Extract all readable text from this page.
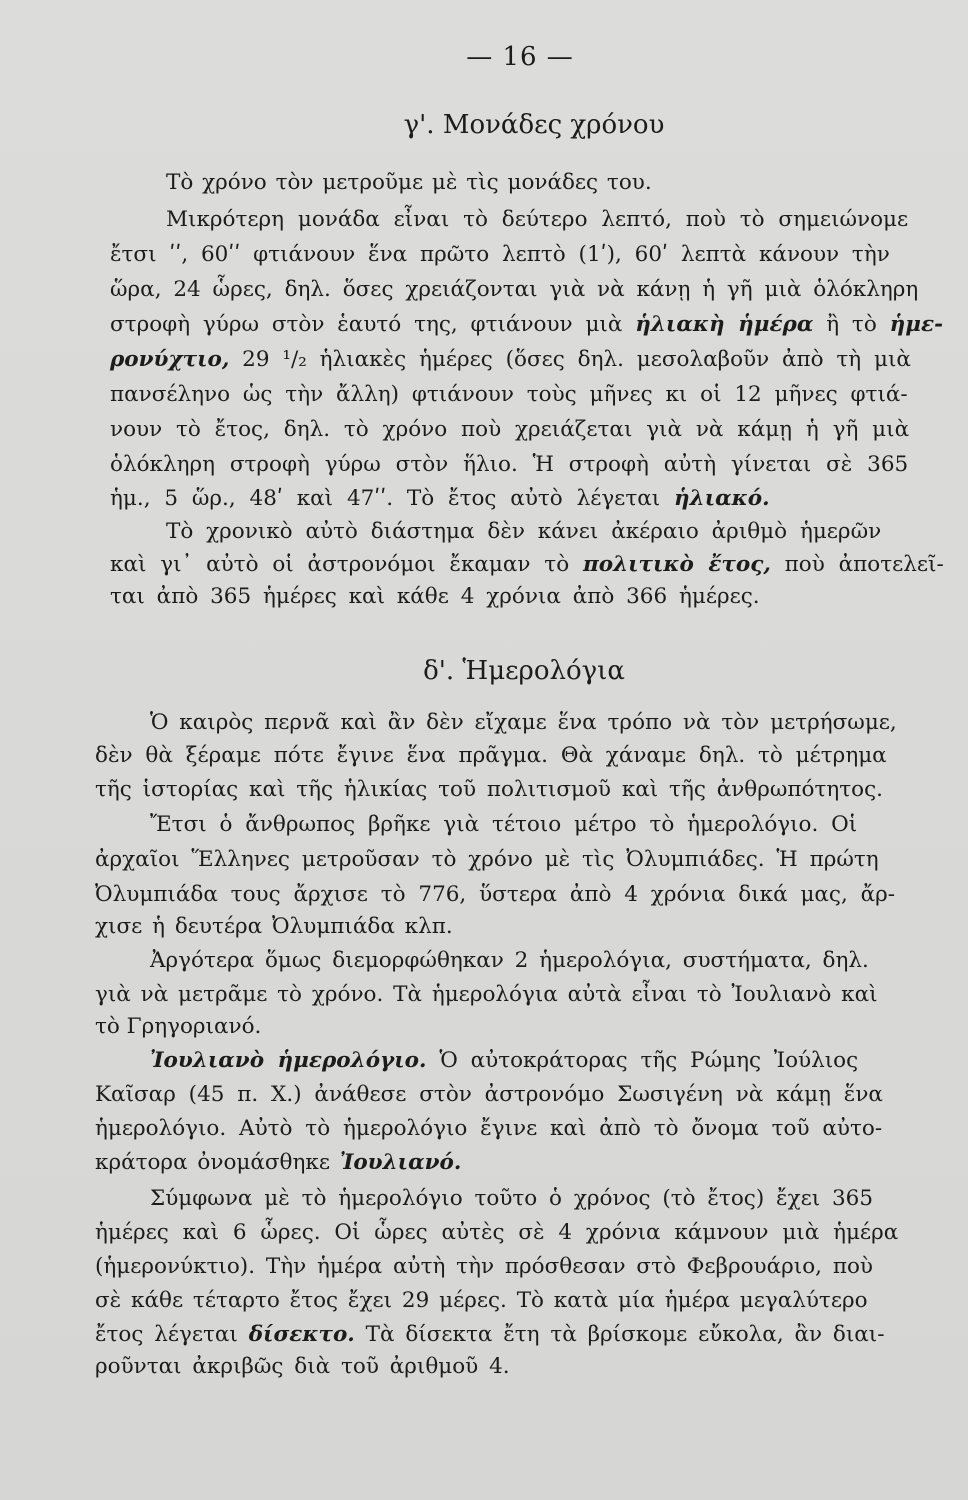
— 16 —
γ'. Μονάδες χρόνου
Τὸ χρόνο τὸν μετροῦμε μὲ τὶς μονάδες του.
Μικρότερη μονάδα εἶναι τὸ δεύτερο λεπτό, ποὺ τὸ σημειώνομε
ἔτσι ʹʹ, 60ʹʹ φτιάνουν ἕνα πρῶτο λεπτὸ (1ʹ), 60ʹ λεπτὰ κάνουν τὴν
ὥρα, 24 ὧρες, δηλ. ὅσες χρειάζονται γιὰ νὰ κάνῃ ἡ γῆ μιὰ ὁλόκληρη
στροφὴ γύρω στὸν ἑαυτό της, φτιάνουν μιὰ ἡλιακὴ ἡμέρα ἢ τὸ ἡμε-
ρονύχτιο, 29 ¹/₂ ἡλιακὲς ἡμέρες (ὅσες δηλ. μεσολαβοῦν ἀπὸ τὴ μιὰ
πανσέληνο ὡς τὴν ἄλλη) φτιάνουν τοὺς μῆνες κι οἱ 12 μῆνες φτιά-
νουν τὸ ἔτος, δηλ. τὸ χρόνο ποὺ χρειάζεται γιὰ νὰ κάμῃ ἡ γῆ μιὰ
ὁλόκληρη στροφὴ γύρω στὸν ἥλιο. Ἡ στροφὴ αὐτὴ γίνεται σὲ 365
ἡμ., 5 ὥρ., 48ʹ καὶ 47ʹʹ. Τὸ ἔτος αὐτὸ λέγεται ἡλιακό.
Τὸ χρονικὸ αὐτὸ διάστημα δὲν κάνει ἀκέραιο ἀριθμὸ ἡμερῶν
καὶ γι᾿ αὐτὸ οἱ ἀστρονόμοι ἔκαμαν τὸ πολιτικὸ ἔτος, ποὺ ἀποτελεῖ-
ται ἀπὸ 365 ἡμέρες καὶ κάθε 4 χρόνια ἀπὸ 366 ἡμέρες.
δ'. Ἡμερολόγια
Ὁ καιρὸς περνᾶ καὶ ἂν δὲν εἴχαμε ἕνα τρόπο νὰ τὸν μετρήσωμε,
δὲν θὰ ξέραμε πότε ἔγινε ἕνα πρᾶγμα. Θὰ χάναμε δηλ. τὸ μέτρημα
τῆς ἱστορίας καὶ τῆς ἡλικίας τοῦ πολιτισμοῦ καὶ τῆς ἀνθρωπότητος.
Ἔτσι ὁ ἄνθρωπος βρῆκε γιὰ τέτοιο μέτρο τὸ ἡμερολόγιο. Οἱ
ἀρχαῖοι Ἕλληνες μετροῦσαν τὸ χρόνο μὲ τὶς Ὀλυμπιάδες. Ἡ πρώτη
Ὀλυμπιάδα τους ἄρχισε τὸ 776, ὕστερα ἀπὸ 4 χρόνια δικά μας, ἄρ-
χισε ἡ δευτέρα Ὀλυμπιάδα κλπ.
Ἀργότερα ὅμως διεμορφώθηκαν 2 ἡμερολόγια, συστήματα, δηλ.
γιὰ νὰ μετρᾶμε τὸ χρόνο. Τὰ ἡμερολόγια αὐτὰ εἶναι τὸ Ἰουλιανὸ καὶ
τὸ Γρηγοριανό.
Ἰουλιανὸ ἡμερολόγιο. Ὁ αὐτοκράτορας τῆς Ρώμης Ἰούλιος
Καῖσαρ (45 π. Χ.) ἀνάθεσε στὸν ἀστρονόμο Σωσιγένη νὰ κάμῃ ἕνα
ἡμερολόγιο. Αὐτὸ τὸ ἡμερολόγιο ἔγινε καὶ ἀπὸ τὸ ὄνομα τοῦ αὐτο-
κράτορα ὀνομάσθηκε Ἰουλιανό.
Σύμφωνα μὲ τὸ ἡμερολόγιο τοῦτο ὁ χρόνος (τὸ ἔτος) ἔχει 365
ἡμέρες καὶ 6 ὧρες. Οἱ ὧρες αὐτὲς σὲ 4 χρόνια κάμνουν μιὰ ἡμέρα
(ἡμερονύκτιο). Τὴν ἡμέρα αὐτὴ τὴν πρόσθεσαν στὸ Φεβρουάριο, ποὺ
σὲ κάθε τέταρτο ἔτος ἔχει 29 μέρες. Τὸ κατὰ μία ἡμέρα μεγαλύτερο
ἔτος λέγεται δίσεκτο. Τὰ δίσεκτα ἔτη τὰ βρίσκομε εὔκολα, ἂν διαι-
ροῦνται ἀκριβῶς διὰ τοῦ ἀριθμοῦ 4.
